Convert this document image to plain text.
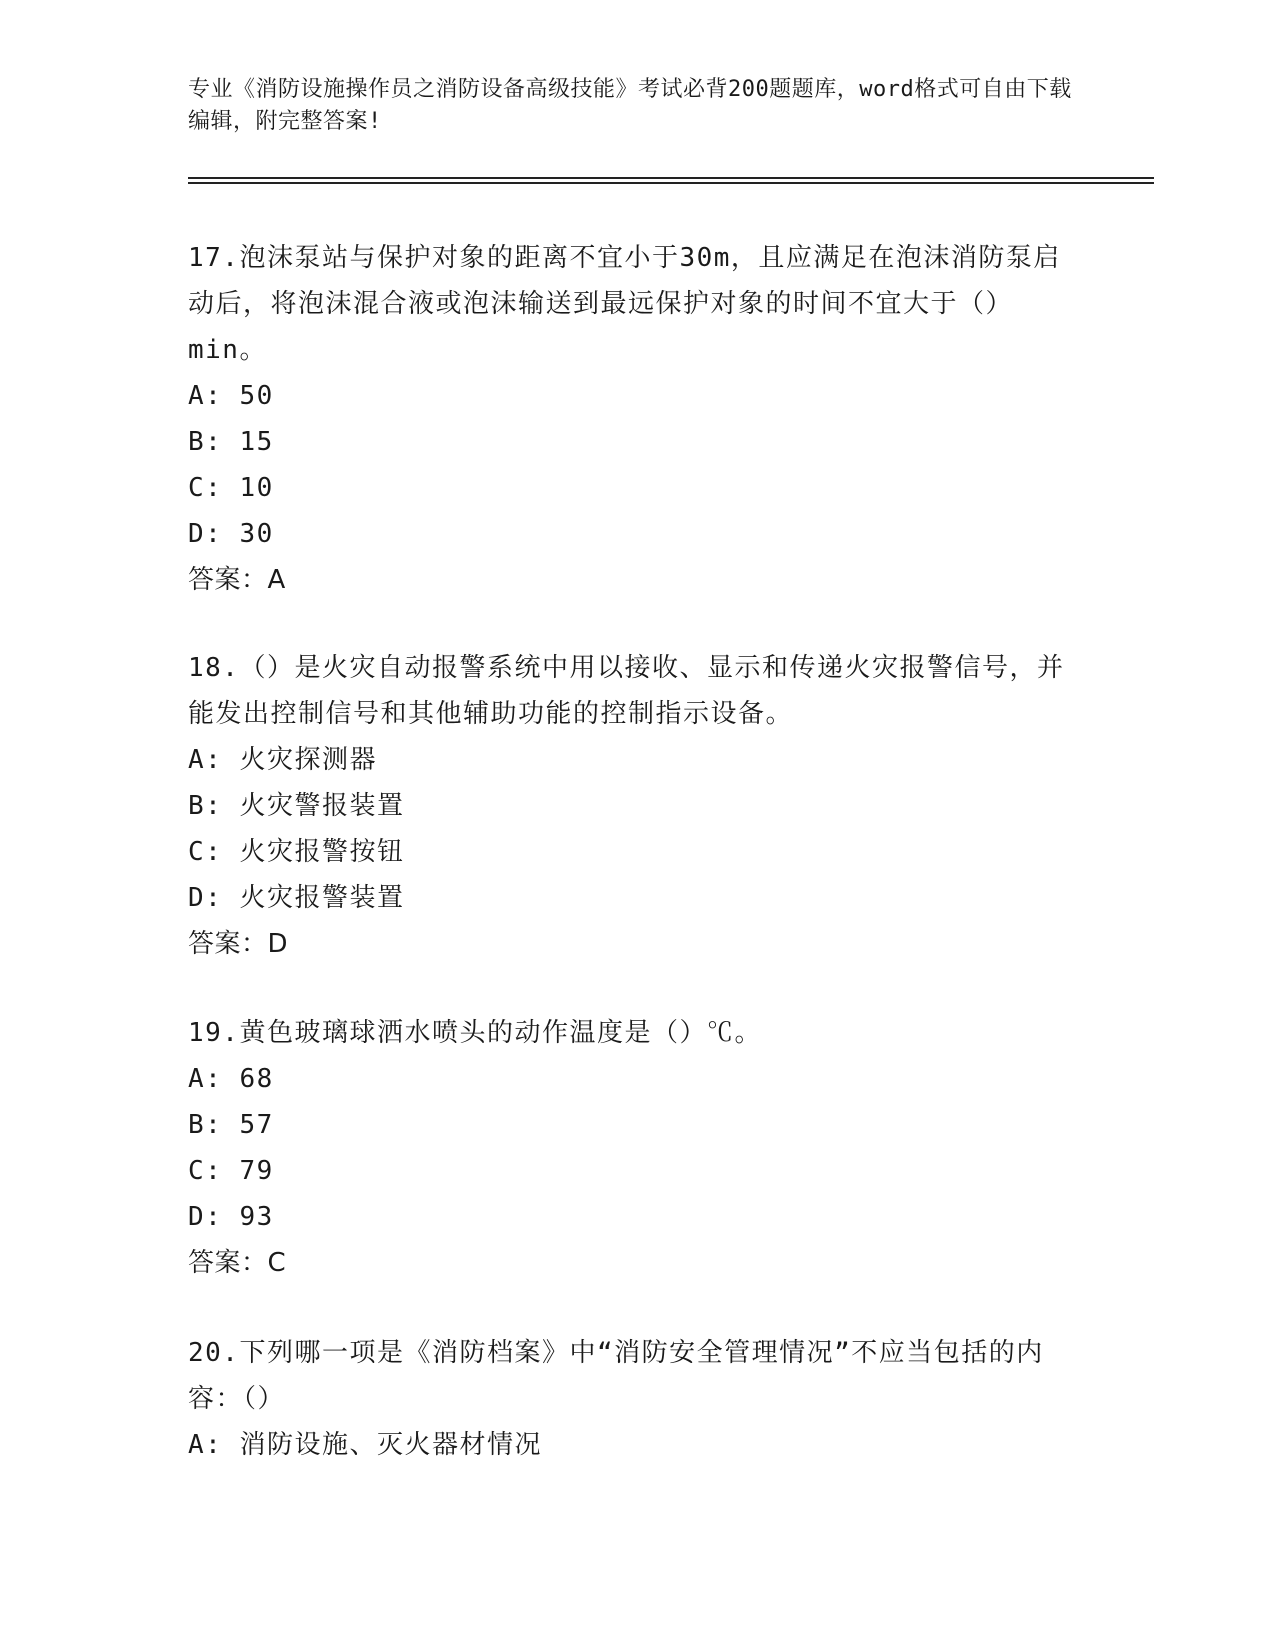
专业《消防设施操作员之消防设备高级技能》考试必背200题题库，word格式可自由下载编辑，附完整答案!

17.泡沫泵站与保护对象的距离不宜小于30m，且应满足在泡沫消防泵启动后，将泡沫混合液或泡沫输送到最远保护对象的时间不宜大于（）min。

A: 50

B: 15

C: 10

D: 30

答案：A

18.（）是火灾自动报警系统中用以接收、显示和传递火灾报警信号，并能发出控制信号和其他辅助功能的控制指示设备。

A: 火灾探测器

B: 火灾警报装置

C: 火灾报警按钮

D: 火灾报警装置

答案：D

19.黄色玻璃球洒水喷头的动作温度是（）℃。

A: 68

B: 57

C: 79

D: 93

答案：C

20.下列哪一项是《消防档案》中“消防安全管理情况”不应当包括的内容：（）

A: 消防设施、灭火器材情况
